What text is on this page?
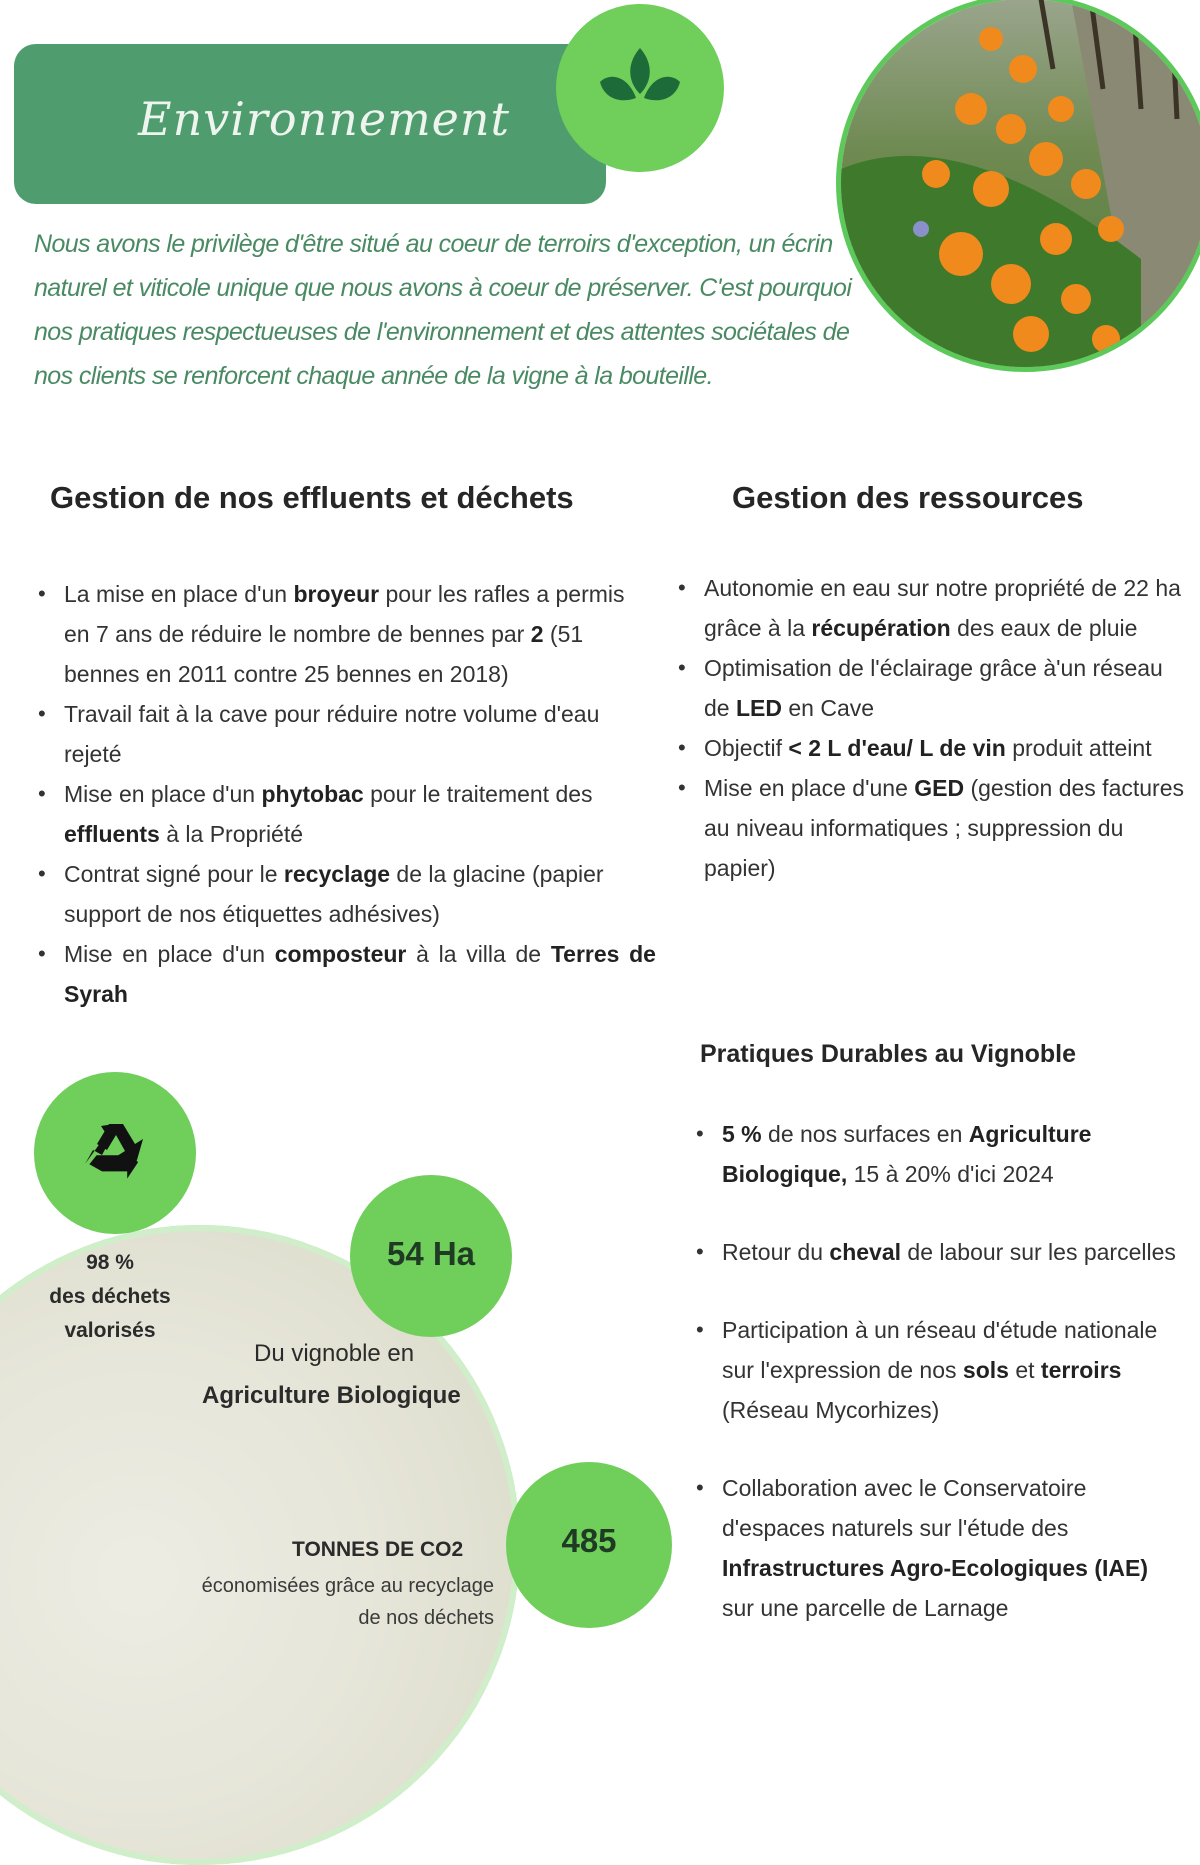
Environnement
Nous avons le privilège d'être situé au coeur de terroirs d'exception, un écrin naturel et viticole unique que nous avons à coeur de préserver. C'est pourquoi nos pratiques respectueuses de l'environnement et des attentes sociétales de nos clients se renforcent chaque année de la vigne à la bouteille.
Gestion de nos effluents et déchets
• La mise en place d'un broyeur pour les rafles a permis en 7 ans de réduire le nombre de bennes par 2 (51 bennes en 2011 contre 25 bennes en 2018)
• Travail fait à la cave pour réduire notre volume d'eau rejeté
• Mise en place d'un phytobac pour le traitement des effluents à la Propriété
• Contrat signé pour le recyclage de la glacine (papier support de nos étiquettes adhésives)
• Mise en place d'un composteur à la villa de Terres de Syrah
Gestion des ressources
• Autonomie en eau sur notre propriété de 22 ha grâce à la récupération des eaux de pluie
• Optimisation de l'éclairage grâce à'un réseau de LED en Cave
• Objectif < 2 L d'eau/ L de vin produit atteint
• Mise en place d'une GED (gestion des factures au niveau informatiques ; suppression du papier)
Pratiques Durables au Vignoble
• 5 % de nos surfaces en Agriculture Biologique, 15 à 20% d'ici 2024
• Retour du cheval de labour sur les parcelles
• Participation à un réseau d'étude nationale sur l'expression de nos sols et terroirs (Réseau Mycorhizes)
• Collaboration avec le Conservatoire d'espaces naturels sur l'étude des Infrastructures Agro-Ecologiques (IAE) sur une parcelle de Larnage
98 %
des déchets
valorisés
54 Ha
Du vignoble en
Agriculture Biologique
485
TONNES DE CO2
économisées grâce au recyclage
de nos déchets
